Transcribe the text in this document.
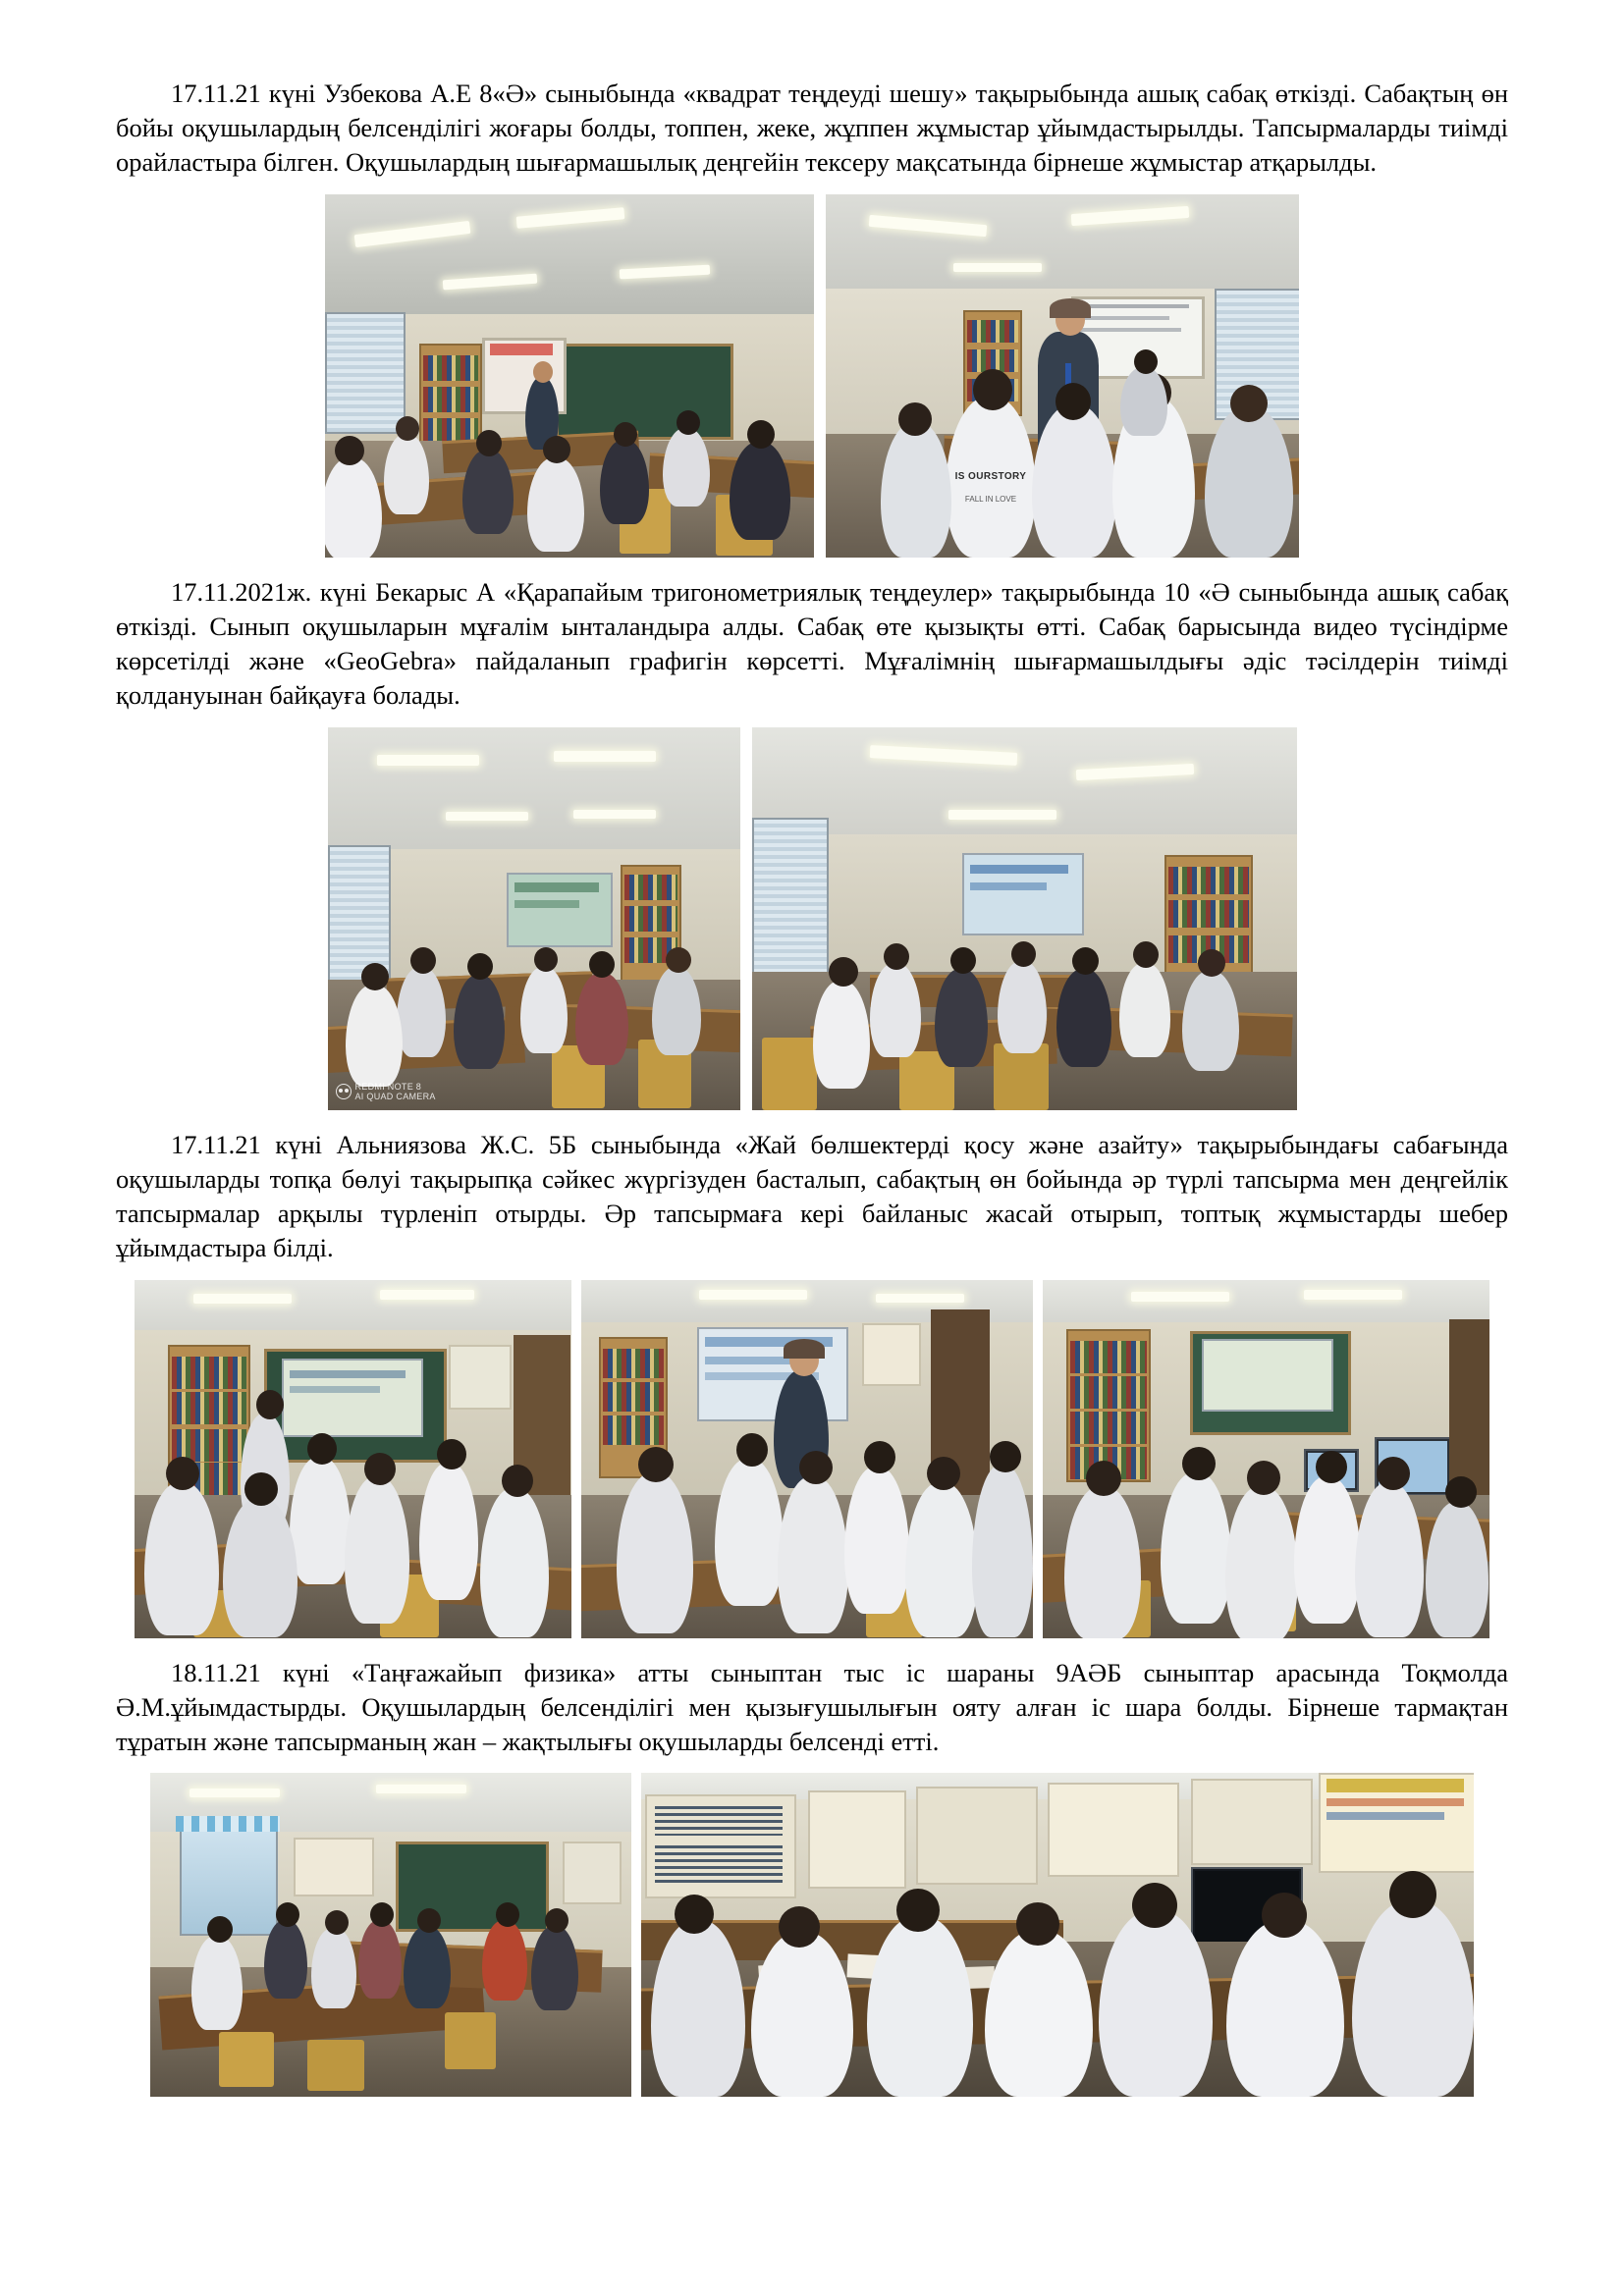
17.11.21 күні Узбекова А.Е 8«Ә» сыныбында «квадрат теңдеуді шешу» тақырыбында ашық сабақ өткізді. Сабақтың өн бойы оқушылардың белсенділігі жоғары болды, топпен, жеке, жұппен жұмыстар ұйымдастырылды. Тапсырмаларды тиімді орайластыра білген. Оқушылардың шығармашылық деңгейін тексеру мақсатында бірнеше жұмыстар атқарылды.

IS OURSTORY
FALL IN LOVE

17.11.2021ж. күні Бекарыс А «Қарапайым тригонометриялық теңдеулер» тақырыбында 10 «Ә сыныбында ашық сабақ өткізді. Сынып оқушыларын мұғалім ынталандыра алды. Сабақ өте қызықты өтті. Сабақ барысында видео түсіндірме көрсетілді және «GeoGebra» пайдаланып графигін көрсетті. Мұғалімнің шығармашылдығы әдіс тәсілдерін тиімді қолдануынан байқауға болады.

REDMI NOTE 8
AI QUAD CAMERA

17.11.21 күні Альниязова Ж.С. 5Б сыныбында «Жай бөлшектерді қосу және азайту» тақырыбындағы сабағында оқушыларды топқа бөлуі тақырыпқа сәйкес жүргізуден басталып, сабақтың өн бойында әр түрлі тапсырма мен деңгейлік тапсырмалар арқылы түрленіп отырды. Әр тапсырмаға кері байланыс жасай отырып, топтық жұмыстарды шебер ұйымдастыра білді.

18.11.21 күні «Таңғажайып физика» атты сыныптан тыс іс шараны 9АӘБ сыныптар арасында Тоқмолда Ә.М.ұйымдастырды. Оқушылардың белсенділігі мен қызығушылығын ояту алған іс шара болды. Бірнеше тармақтан тұратын және тапсырманың жан – жақтылығы оқушыларды белсенді етті.
